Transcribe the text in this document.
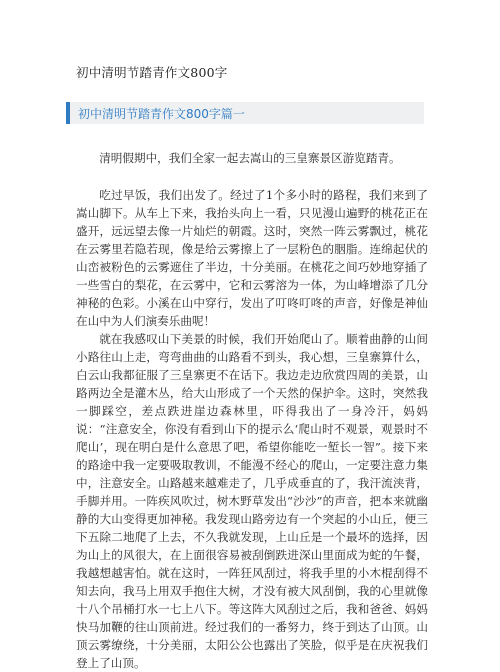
初中清明节踏青作文800字
初中清明节踏青作文800字篇一

清明假期中，我们全家一起去嵩山的三皇寨景区游览踏青。

吃过早饭，我们出发了。经过了1个多小时的路程，我们来到了嵩山脚下。从车上下来，我抬头向上一看，只见漫山遍野的桃花正在盛开，远远望去像一片灿烂的朝霞。这时，突然一阵云雾飘过，桃花在云雾里若隐若现，像是给云雾擦上了一层粉色的胭脂。连绵起伏的山峦被粉色的云雾遮住了半边，十分美丽。在桃花之间巧妙地穿插了一些雪白的梨花，在云雾中，它和云雾溶为一体，为山峰增添了几分神秘的色彩。小溪在山中穿行，发出了叮咚叮咚的声音，好像是神仙在山中为人们演奏乐曲呢！

就在我感叹山下美景的时候，我们开始爬山了。顺着曲静的山间小路往山上走，弯弯曲曲的山路看不到头，我心想，三皇寨算什么，白云山我都征服了三皇寨更不在话下。我边走边欣赏四周的美景，山路两边全是灌木丛，给大山形成了一个天然的保护伞。这时，突然我一脚踩空，差点跌进崖边森林里，吓得我出了一身冷汗，妈妈说：“注意安全，你没有看到山下的提示么‘爬山时不观景，观景时不爬山’，现在明白是什么意思了吧，希望你能吃一堑长一智”。接下来的路途中我一定要吸取教训，不能漫不经心的爬山，一定要注意力集中，注意安全。山路越来越难走了，几乎成垂直的了，我汗流浃背，手脚并用。一阵疾风吹过，树木野草发出“沙沙”的声音，把本来就幽静的大山变得更加神秘。我发现山路旁边有一个突起的小山丘，便三下五除二地爬了上去，不久我就发现，上山丘是一个最坏的选择，因为山上的风很大，在上面很容易被刮倒跌进深山里面成为蛇的午餐，我越想越害怕。就在这时，一阵狂风刮过，将我手里的小木棍刮得不知去向，我马上用双手抱住大树，才没有被大风刮倒，我的心里就像十八个吊桶打水一七上八下。等这阵大风刮过之后，我和爸爸、妈妈快马加鞭的往山顶前进。经过我们的一番努力，终于到达了山顶。山顶云雾缭绕，十分美丽，太阳公公也露出了笑脸，似乎是在庆祝我们登上了山顶。
